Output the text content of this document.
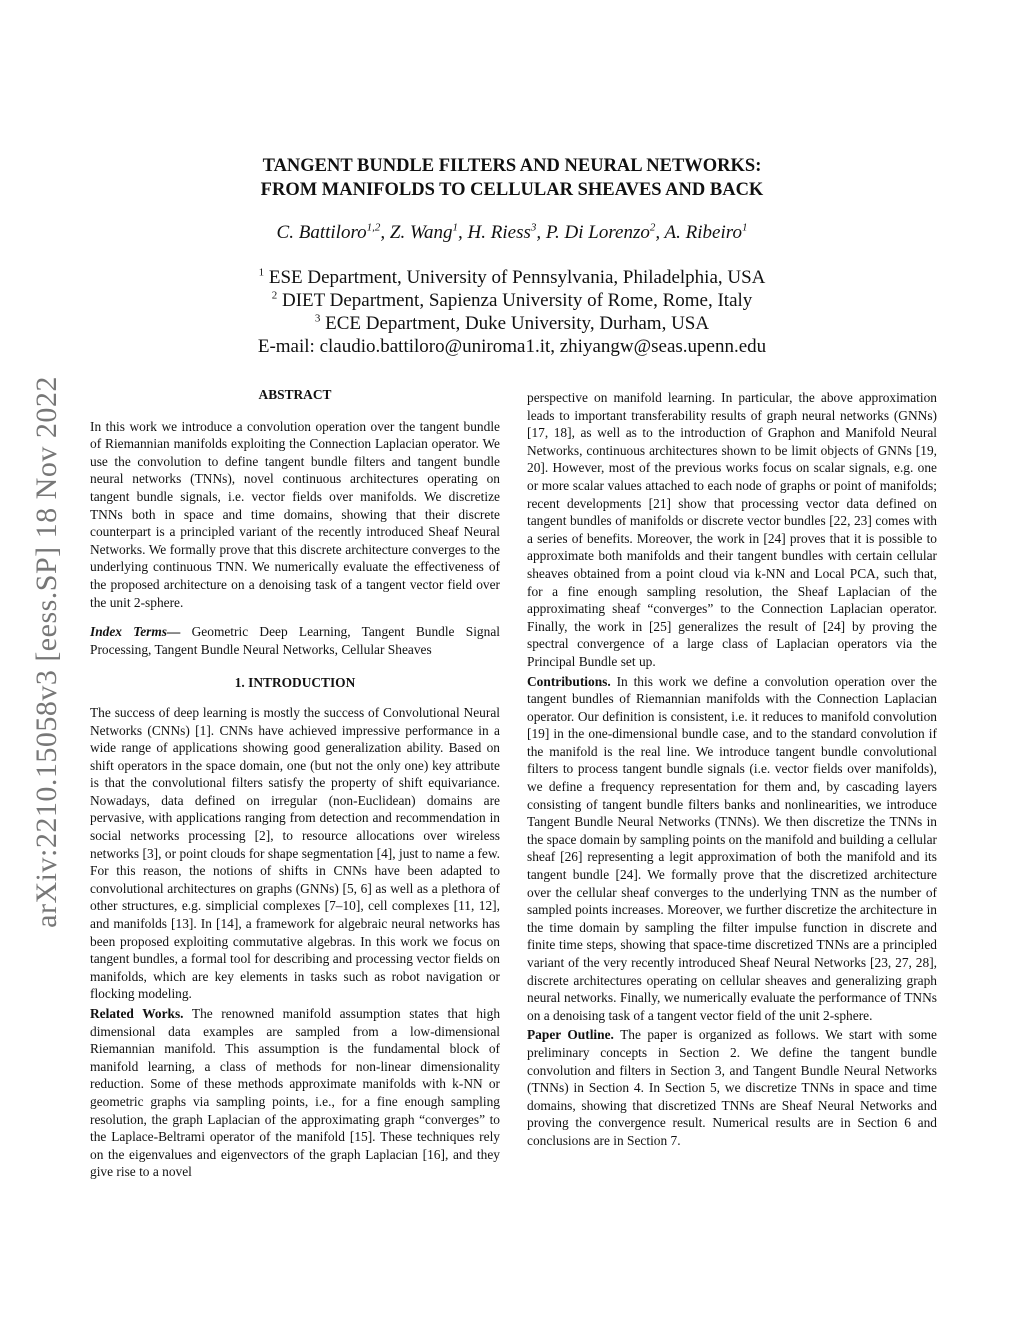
arXiv:2210.15058v3 [eess.SP] 18 Nov 2022
TANGENT BUNDLE FILTERS AND NEURAL NETWORKS:
FROM MANIFOLDS TO CELLULAR SHEAVES AND BACK
C. Battiloro$^{1,2}$, Z. Wang$^1$, H. Riess$^3$, P. Di Lorenzo$^2$, A. Ribeiro$^1$
$^1$ ESE Department, University of Pennsylvania, Philadelphia, USA
$^2$ DIET Department, Sapienza University of Rome, Rome, Italy
$^3$ ECE Department, Duke University, Durham, USA
E-mail: claudio.battiloro@uniroma1.it, zhiyangw@seas.upenn.edu
ABSTRACT

In this work we introduce a convolution operation over the tangent bundle of Riemannian manifolds exploiting the Connection Laplacian operator. We use the convolution to define tangent bundle filters and tangent bundle neural networks (TNNs), novel continuous architectures operating on tangent bundle signals, i.e. vector fields over manifolds. We discretize TNNs both in space and time domains, showing that their discrete counterpart is a principled variant of the recently introduced Sheaf Neural Networks. We formally prove that this discrete architecture converges to the underlying continuous TNN. We numerically evaluate the effectiveness of the proposed architecture on a denoising task of a tangent vector field over the unit 2-sphere.

Index Terms— Geometric Deep Learning, Tangent Bundle Signal Processing, Tangent Bundle Neural Networks, Cellular Sheaves

1. INTRODUCTION

The success of deep learning is mostly the success of Convolutional Neural Networks (CNNs) [1]. CNNs have achieved impressive performance in a wide range of applications showing good generalization ability. Based on shift operators in the space domain, one (but not the only one) key attribute is that the convolutional filters satisfy the property of shift equivariance. Nowadays, data defined on irregular (non-Euclidean) domains are pervasive, with applications ranging from detection and recommendation in social networks processing [2], to resource allocations over wireless networks [3], or point clouds for shape segmentation [4], just to name a few. For this reason, the notions of shifts in CNNs have been adapted to convolutional architectures on graphs (GNNs) [5, 6] as well as a plethora of other structures, e.g. simplicial complexes [7–10], cell complexes [11, 12], and manifolds [13]. In [14], a framework for algebraic neural networks has been proposed exploiting commutative algebras. In this work we focus on tangent bundles, a formal tool for describing and processing vector fields on manifolds, which are key elements in tasks such as robot navigation or flocking modeling.

Related Works. The renowned manifold assumption states that high dimensional data examples are sampled from a low-dimensional Riemannian manifold. This assumption is the fundamental block of manifold learning, a class of methods for non-linear dimensionality reduction. Some of these methods approximate manifolds with k-NN or geometric graphs via sampling points, i.e., for a fine enough sampling resolution, the graph Laplacian of the approximating graph “converges” to the Laplace-Beltrami operator of the manifold [15]. These techniques rely on the eigenvalues and eigenvectors of the graph Laplacian [16], and they give rise to a novel

perspective on manifold learning. In particular, the above approximation leads to important transferability results of graph neural networks (GNNs) [17, 18], as well as to the introduction of Graphon and Manifold Neural Networks, continuous architectures shown to be limit objects of GNNs [19, 20]. However, most of the previous works focus on scalar signals, e.g. one or more scalar values attached to each node of graphs or point of manifolds; recent developments [21] show that processing vector data defined on tangent bundles of manifolds or discrete vector bundles [22, 23] comes with a series of benefits. Moreover, the work in [24] proves that it is possible to approximate both manifolds and their tangent bundles with certain cellular sheaves obtained from a point cloud via k-NN and Local PCA, such that, for a fine enough sampling resolution, the Sheaf Laplacian of the approximating sheaf “converges” to the Connection Laplacian operator. Finally, the work in [25] generalizes the result of [24] by proving the spectral convergence of a large class of Laplacian operators via the Principal Bundle set up.

Contributions. In this work we define a convolution operation over the tangent bundles of Riemannian manifolds with the Connection Laplacian operator. Our definition is consistent, i.e. it reduces to manifold convolution [19] in the one-dimensional bundle case, and to the standard convolution if the manifold is the real line. We introduce tangent bundle convolutional filters to process tangent bundle signals (i.e. vector fields over manifolds), we define a frequency representation for them and, by cascading layers consisting of tangent bundle filters banks and nonlinearities, we introduce Tangent Bundle Neural Networks (TNNs). We then discretize the TNNs in the space domain by sampling points on the manifold and building a cellular sheaf [26] representing a legit approximation of both the manifold and its tangent bundle [24]. We formally prove that the discretized architecture over the cellular sheaf converges to the underlying TNN as the number of sampled points increases. Moreover, we further discretize the architecture in the time domain by sampling the filter impulse function in discrete and finite time steps, showing that space-time discretized TNNs are a principled variant of the very recently introduced Sheaf Neural Networks [23, 27, 28], discrete architectures operating on cellular sheaves and generalizing graph neural networks. Finally, we numerically evaluate the performance of TNNs on a denoising task of a tangent vector field of the unit 2-sphere.

Paper Outline. The paper is organized as follows. We start with some preliminary concepts in Section 2. We define the tangent bundle convolution and filters in Section 3, and Tangent Bundle Neural Networks (TNNs) in Section 4. In Section 5, we discretize TNNs in space and time domains, showing that discretized TNNs are Sheaf Neural Networks and proving the convergence result. Numerical results are in Section 6 and conclusions are in Section 7.
